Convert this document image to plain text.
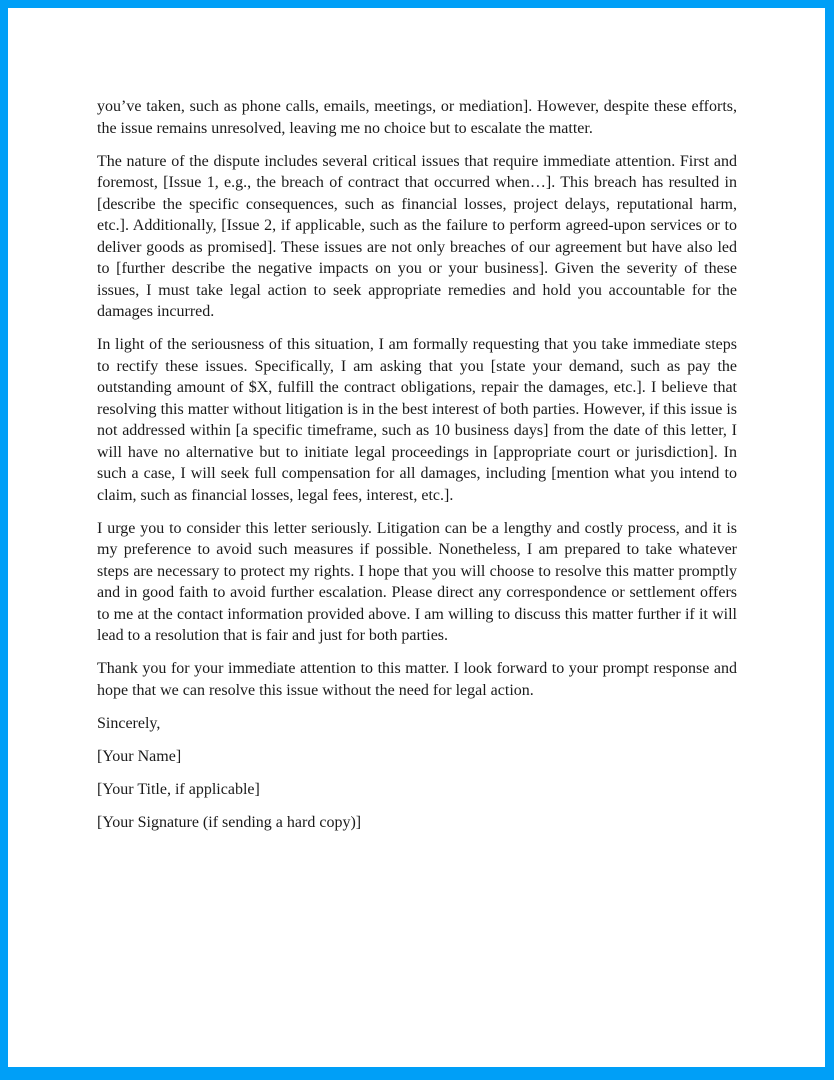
you’ve taken, such as phone calls, emails, meetings, or mediation]. However, despite these efforts, the issue remains unresolved, leaving me no choice but to escalate the matter.

The nature of the dispute includes several critical issues that require immediate attention. First and foremost, [Issue 1, e.g., the breach of contract that occurred when…]. This breach has resulted in [describe the specific consequences, such as financial losses, project delays, reputational harm, etc.]. Additionally, [Issue 2, if applicable, such as the failure to perform agreed-upon services or to deliver goods as promised]. These issues are not only breaches of our agreement but have also led to [further describe the negative impacts on you or your business]. Given the severity of these issues, I must take legal action to seek appropriate remedies and hold you accountable for the damages incurred.

In light of the seriousness of this situation, I am formally requesting that you take immediate steps to rectify these issues. Specifically, I am asking that you [state your demand, such as pay the outstanding amount of $X, fulfill the contract obligations, repair the damages, etc.]. I believe that resolving this matter without litigation is in the best interest of both parties. However, if this issue is not addressed within [a specific timeframe, such as 10 business days] from the date of this letter, I will have no alternative but to initiate legal proceedings in [appropriate court or jurisdiction]. In such a case, I will seek full compensation for all damages, including [mention what you intend to claim, such as financial losses, legal fees, interest, etc.].

I urge you to consider this letter seriously. Litigation can be a lengthy and costly process, and it is my preference to avoid such measures if possible. Nonetheless, I am prepared to take whatever steps are necessary to protect my rights. I hope that you will choose to resolve this matter promptly and in good faith to avoid further escalation. Please direct any correspondence or settlement offers to me at the contact information provided above. I am willing to discuss this matter further if it will lead to a resolution that is fair and just for both parties.

Thank you for your immediate attention to this matter. I look forward to your prompt response and hope that we can resolve this issue without the need for legal action.

Sincerely,

[Your Name]

[Your Title, if applicable]

[Your Signature (if sending a hard copy)]
